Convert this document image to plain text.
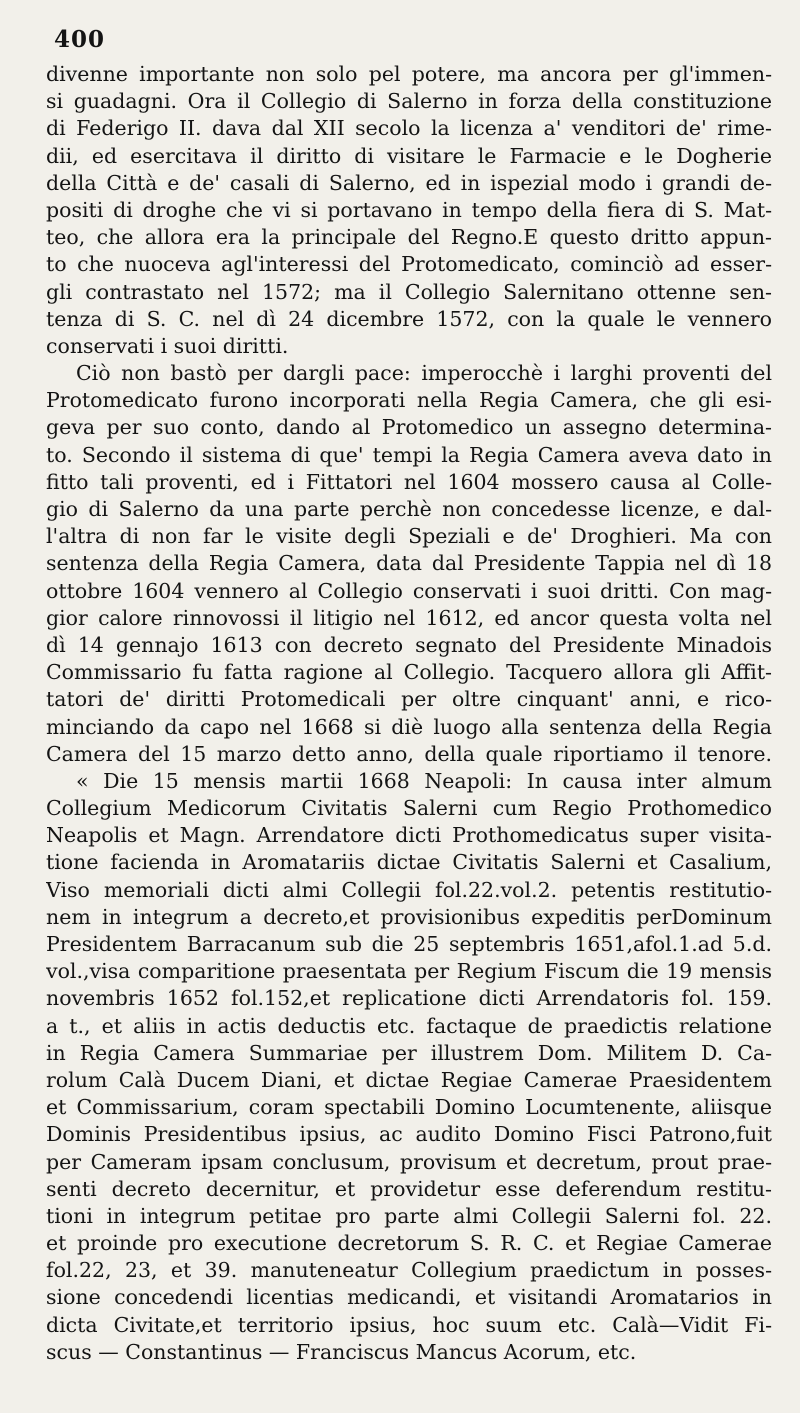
400
divenne importante non solo pel potere, ma ancora per gl'immen-
si guadagni. Ora il Collegio di Salerno in forza della constituzione
di Federigo II. dava dal XII secolo la licenza a' venditori de' rime-
dii, ed esercitava il diritto di visitare le Farmacie e le Dogherie
della Città e de' casali di Salerno, ed in ispezial modo i grandi de-
positi di droghe che vi si portavano in tempo della fiera di S. Mat-
teo, che allora era la principale del Regno.E questo dritto appun-
to che nuoceva agl'interessi del Protomedicato, cominciò ad esser-
gli contrastato nel 1572; ma il Collegio Salernitano ottenne sen-
tenza di S. C. nel dì 24 dicembre 1572, con la quale le vennero
conservati i suoi diritti.
Ciò non bastò per dargli pace: imperocchè i larghi proventi del
Protomedicato furono incorporati nella Regia Camera, che gli esi-
geva per suo conto, dando al Protomedico un assegno determina-
to. Secondo il sistema di que' tempi la Regia Camera aveva dato in
fitto tali proventi, ed i Fittatori nel 1604 mossero causa al Colle-
gio di Salerno da una parte perchè non concedesse licenze, e dal-
l'altra di non far le visite degli Speziali e de' Droghieri. Ma con
sentenza della Regia Camera, data dal Presidente Tappia nel dì 18
ottobre 1604 vennero al Collegio conservati i suoi dritti. Con mag-
gior calore rinnovossi il litigio nel 1612, ed ancor questa volta nel
dì 14 gennajo 1613 con decreto segnato del Presidente Minadois
Commissario fu fatta ragione al Collegio. Tacquero allora gli Affit-
tatori de' diritti Protomedicali per oltre cinquant' anni, e rico-
minciando da capo nel 1668 si diè luogo alla sentenza della Regia
Camera del 15 marzo detto anno, della quale riportiamo il tenore.
« Die 15 mensis martii 1668 Neapoli: In causa inter almum
Collegium Medicorum Civitatis Salerni cum Regio Prothomedico
Neapolis et Magn. Arrendatore dicti Prothomedicatus super visita-
tione facienda in Aromatariis dictae Civitatis Salerni et Casalium,
Viso memoriali dicti almi Collegii fol.22.vol.2. petentis restitutio-
nem in integrum a decreto,et provisionibus expeditis perDominum
Presidentem Barracanum sub die 25 septembris 1651,afol.1.ad 5.d.
vol.,visa comparitione praesentata per Regium Fiscum die 19 mensis
novembris 1652 fol.152,et replicatione dicti Arrendatoris fol. 159.
a t., et aliis in actis deductis etc. factaque de praedictis relatione
in Regia Camera Summariae per illustrem Dom. Militem D. Ca-
rolum Calà Ducem Diani, et dictae Regiae Camerae Praesidentem
et Commissarium, coram spectabili Domino Locumtenente, aliisque
Dominis Presidentibus ipsius, ac audito Domino Fisci Patrono,fuit
per Cameram ipsam conclusum, provisum et decretum, prout prae-
senti decreto decernitur, et providetur esse deferendum restitu-
tioni in integrum petitae pro parte almi Collegii Salerni fol. 22.
et proinde pro executione decretorum S. R. C. et Regiae Camerae
fol.22, 23, et 39. manuteneatur Collegium praedictum in posses-
sione concedendi licentias medicandi, et visitandi Aromatarios in
dicta Civitate,et territorio ipsius, hoc suum etc. Calà—Vidit Fi-
scus — Constantinus — Franciscus Mancus Acorum, etc.
